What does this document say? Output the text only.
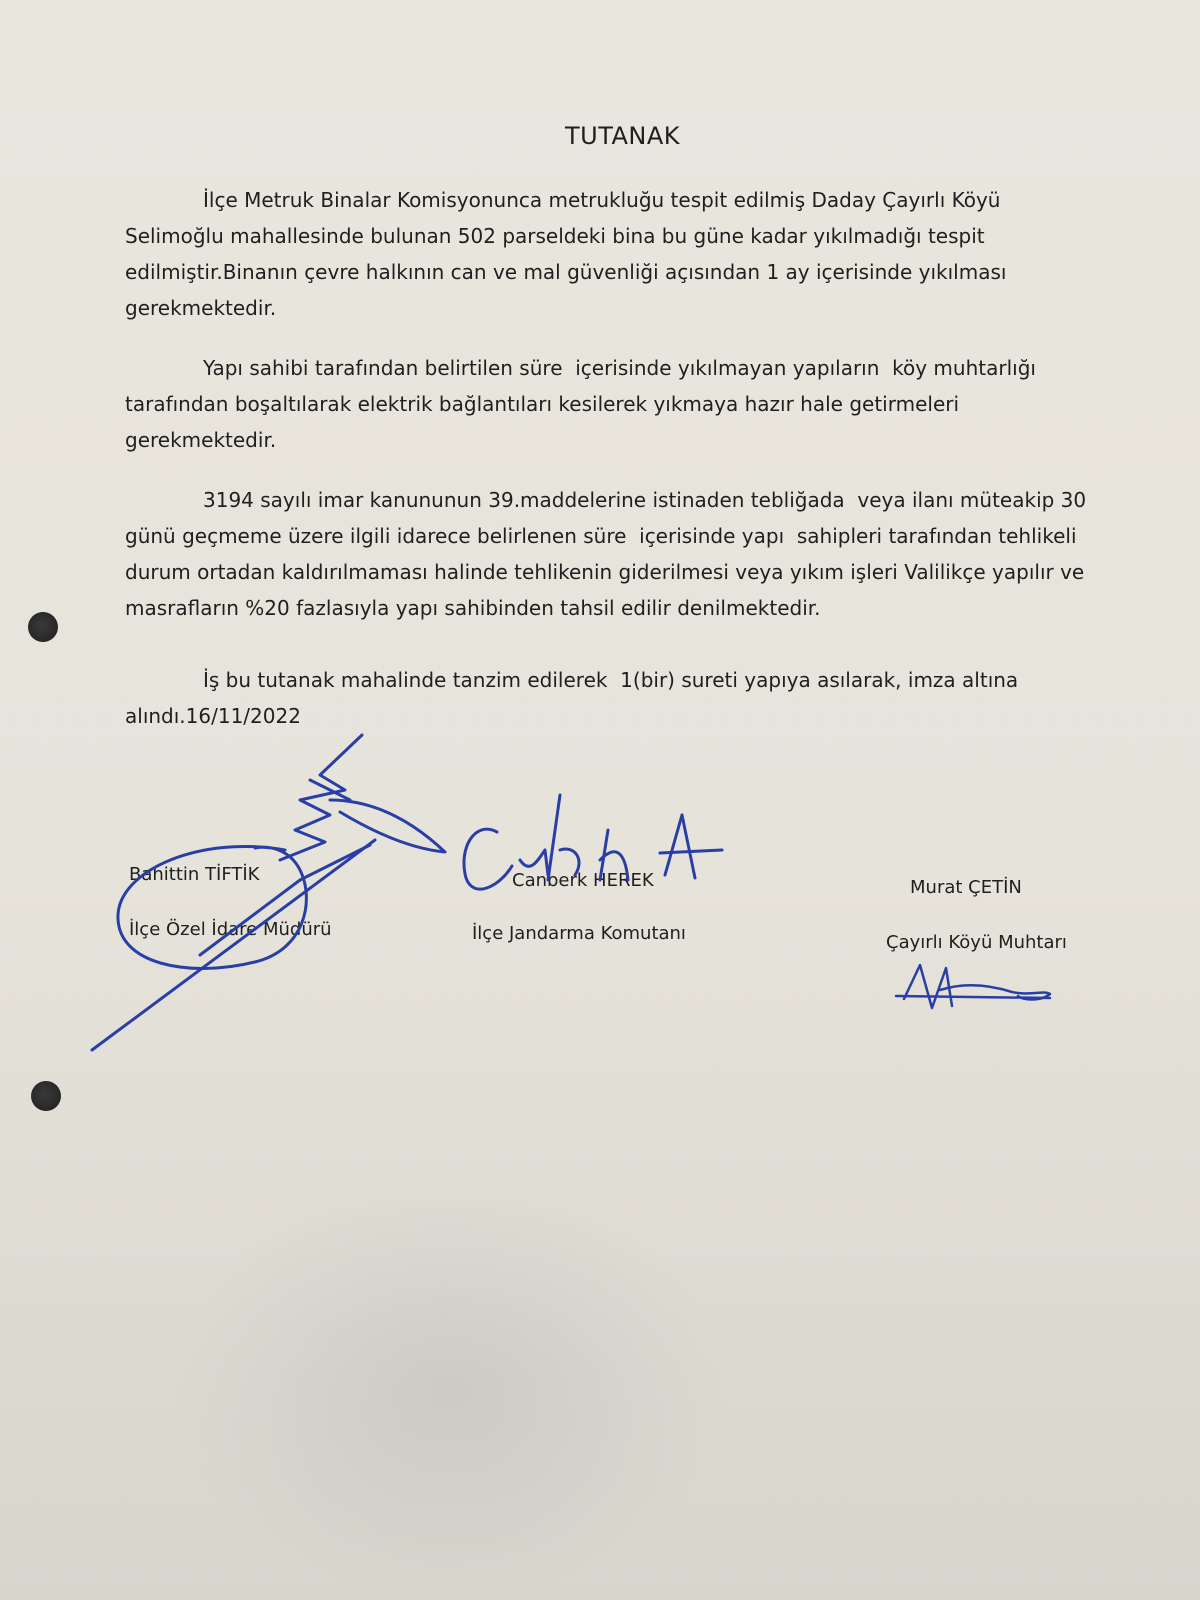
TUTANAK

İlçe Metruk Binalar Komisyonunca metrukluğu tespit edilmiş Daday Çayırlı Köyü Selimoğlu mahallesinde bulunan 502 parseldeki bina bu güne kadar yıkılmadığı tespit edilmiştir.Binanın çevre halkının can ve mal güvenliği açısından 1 ay içerisinde yıkılması gerekmektedir.

Yapı sahibi tarafından belirtilen süre  içerisinde yıkılmayan yapıların  köy muhtarlığı tarafından boşaltılarak elektrik bağlantıları kesilerek yıkmaya hazır hale getirmeleri gerekmektedir.

3194 sayılı imar kanununun 39.maddelerine istinaden tebliğada  veya ilanı müteakip 30 günü geçmeme üzere ilgili idarece belirlenen süre  içerisinde yapı  sahipleri tarafından tehlikeli durum ortadan kaldırılmaması halinde tehlikenin giderilmesi veya yıkım işleri Valilikçe yapılır ve masrafların %20 fazlasıyla yapı sahibinden tahsil edilir denilmektedir.

İş bu tutanak mahalinde tanzim edilerek  1(bir) sureti yapıya asılarak, imza altına alındı.16/11/2022

Bahittin TİFTİK
İlçe Özel İdare Müdürü
Canberk HEREK
İlçe Jandarma Komutanı
Murat ÇETİN
Çayırlı Köyü Muhtarı
